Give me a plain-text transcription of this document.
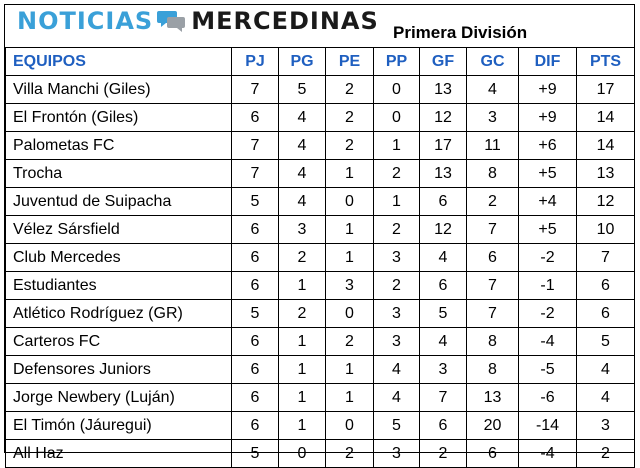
NOTICIAS MERCEDINAS Primera División
EQUIPOS	PJ	PG	PE	PP	GF	GC	DIF	PTS
Villa Manchi (Giles)	7	5	2	0	13	4	+9	17
El Frontón (Giles)	6	4	2	0	12	3	+9	14
Palometas FC	7	4	2	1	17	11	+6	14
Trocha	7	4	1	2	13	8	+5	13
Juventud de Suipacha	5	4	0	1	6	2	+4	12
Vélez Sársfield	6	3	1	2	12	7	+5	10
Club Mercedes	6	2	1	3	4	6	-2	7
Estudiantes	6	1	3	2	6	7	-1	6
Atlético Rodríguez (GR)	5	2	0	3	5	7	-2	6
Carteros FC	6	1	2	3	4	8	-4	5
Defensores Juniors	6	1	1	4	3	8	-5	4
Jorge Newbery (Luján)	6	1	1	4	7	13	-6	4
El Timón (Jáuregui)	6	1	0	5	6	20	-14	3
All Haz	5	0	2	3	2	6	-4	2
